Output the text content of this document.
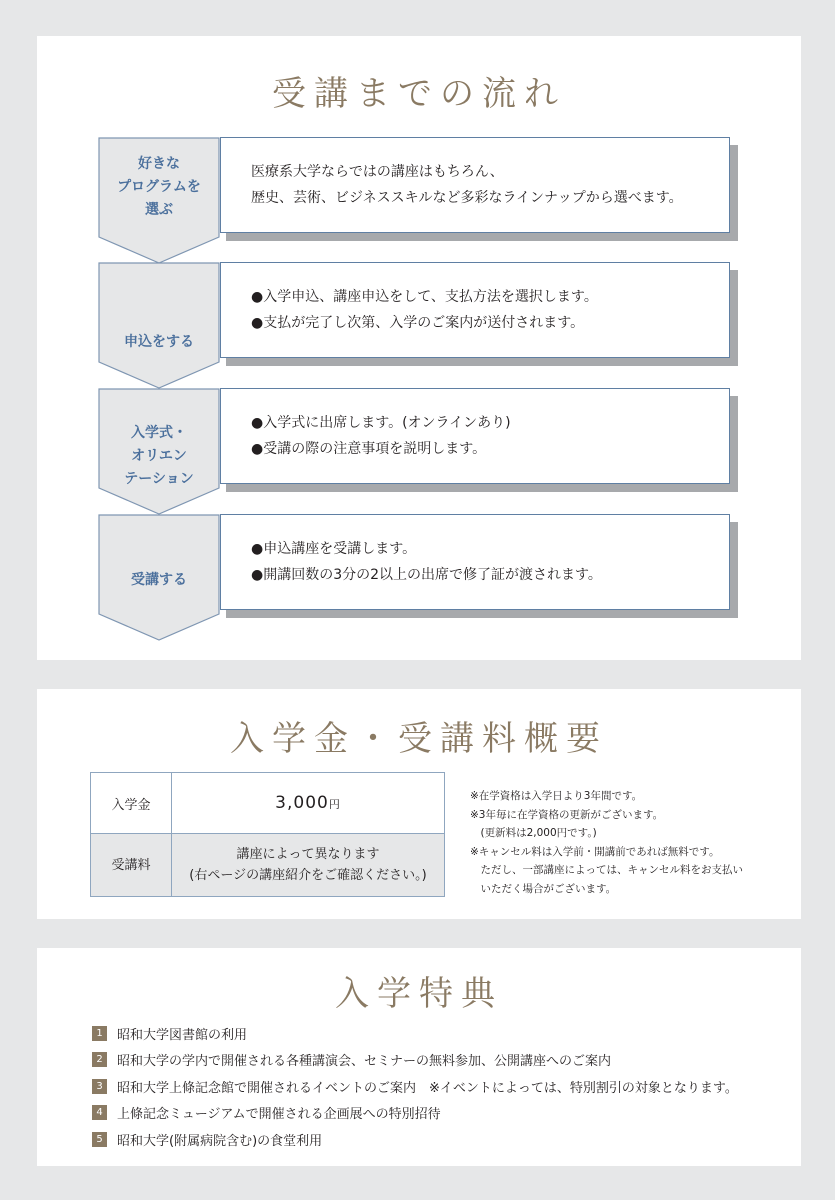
受講までの流れ
好きな
プログラムを
選ぶ
医療系大学ならではの講座はもちろん、
歴史、芸術、ビジネススキルなど多彩なラインナップから選べます。
申込をする
●入学申込、講座申込をして、支払方法を選択します。
●支払が完了し次第、入学のご案内が送付されます。
入学式・
オリエン
テーション
●入学式に出席します。(オンラインあり)
●受講の際の注意事項を説明します。
受講する
●申込講座を受講します。
●開講回数の3分の2以上の出席で修了証が渡されます。
入学金・受講料概要
入学金	3,000円
受講料	講座によって異なります
(右ページの講座紹介をご確認ください。)
※在学資格は入学日より3年間です。
※3年毎に在学資格の更新がございます。
　(更新料は2,000円です。)
※キャンセル料は入学前・開講前であれば無料です。
　ただし、一部講座によっては、キャンセル料をお支払い
　いただく場合がございます。
入学特典
1	昭和大学図書館の利用
2	昭和大学の学内で開催される各種講演会、セミナーの無料参加、公開講座へのご案内
3	昭和大学上條記念館で開催されるイベントのご案内　※イベントによっては、特別割引の対象となります。
4	上條記念ミュージアムで開催される企画展への特別招待
5	昭和大学(附属病院含む)の食堂利用
